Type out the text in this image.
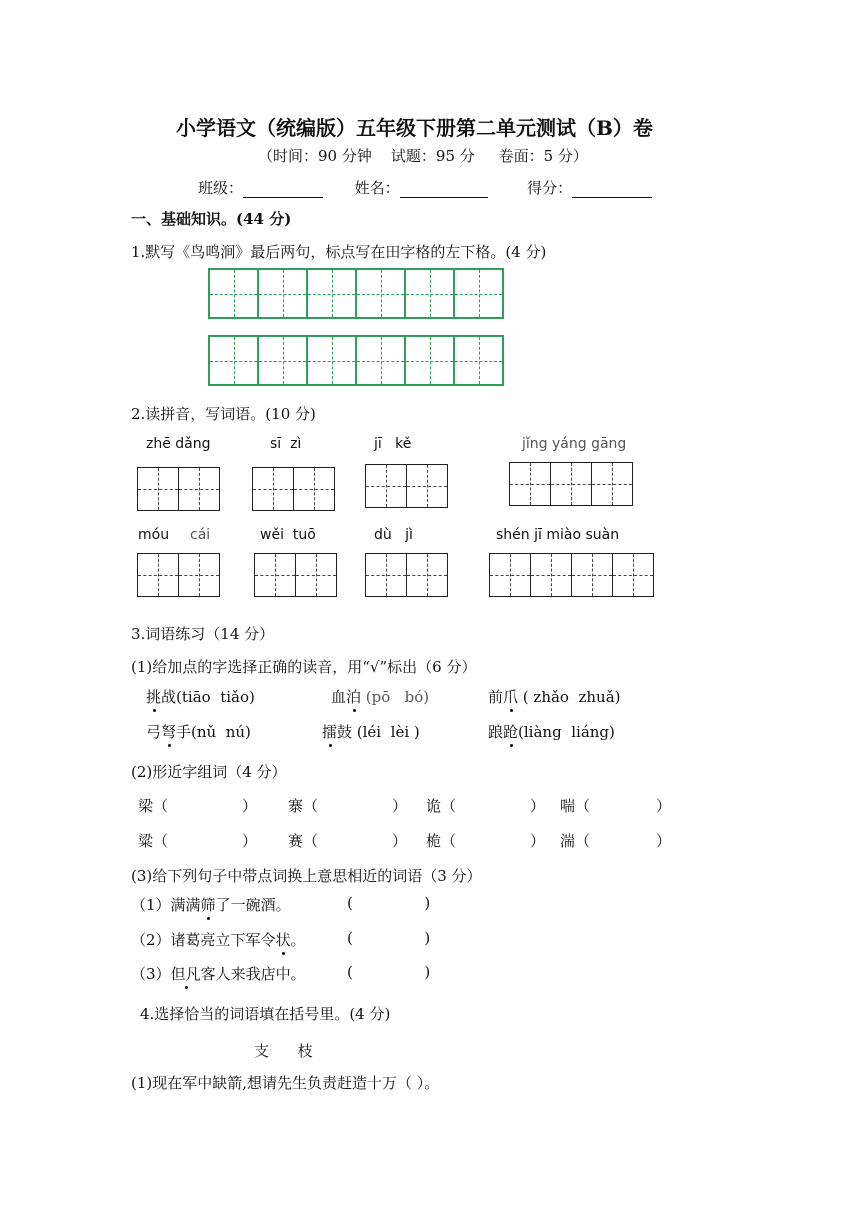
小学语文（统编版）五年级下册第二单元测试（B）卷
（时间：90 分钟    试题：95 分     卷面：5 分）
班级：	姓名：	得分：
一、基础知识。(44 分)
1.默写《鸟鸣涧》最后两句，标点写在田字格的左下格。(4 分)
2.读拼音，写词语。(10 分)
zhē dǎng	sī  zì	jī   kě	jǐng yáng gāng
móu cái	wěi  tuō	dù   jì	shén jī miào suàn
3.词语练习（14 分）
(1)给加点的字选择正确的读音，用“√”标出（6 分）
挑战(tiāo  tiǎo)	血泊 (pō   bó)	前爪 ( zhǎo  zhuǎ)
弓弩手(nǔ  nú)	擂鼓 (léi  lèi )	踉跄(liàng  liáng)
(2)形近字组词（4 分）
梁（	） 寨（	） 诡（	） 喘（	）
粱（	） 赛（	） 桅（	） 湍（	）
(3)给下列句子中带点词换上意思相近的词语（3 分）
（1）满满筛了一碗酒。	(               )
（2）诸葛亮立下军令状。	(               )
（3）但凡客人来我店中。	(               )
4.选择恰当的词语填在括号里。(4 分)
支      枝
(1)现在军中缺箭,想请先生负责赶造十万（ ）。
